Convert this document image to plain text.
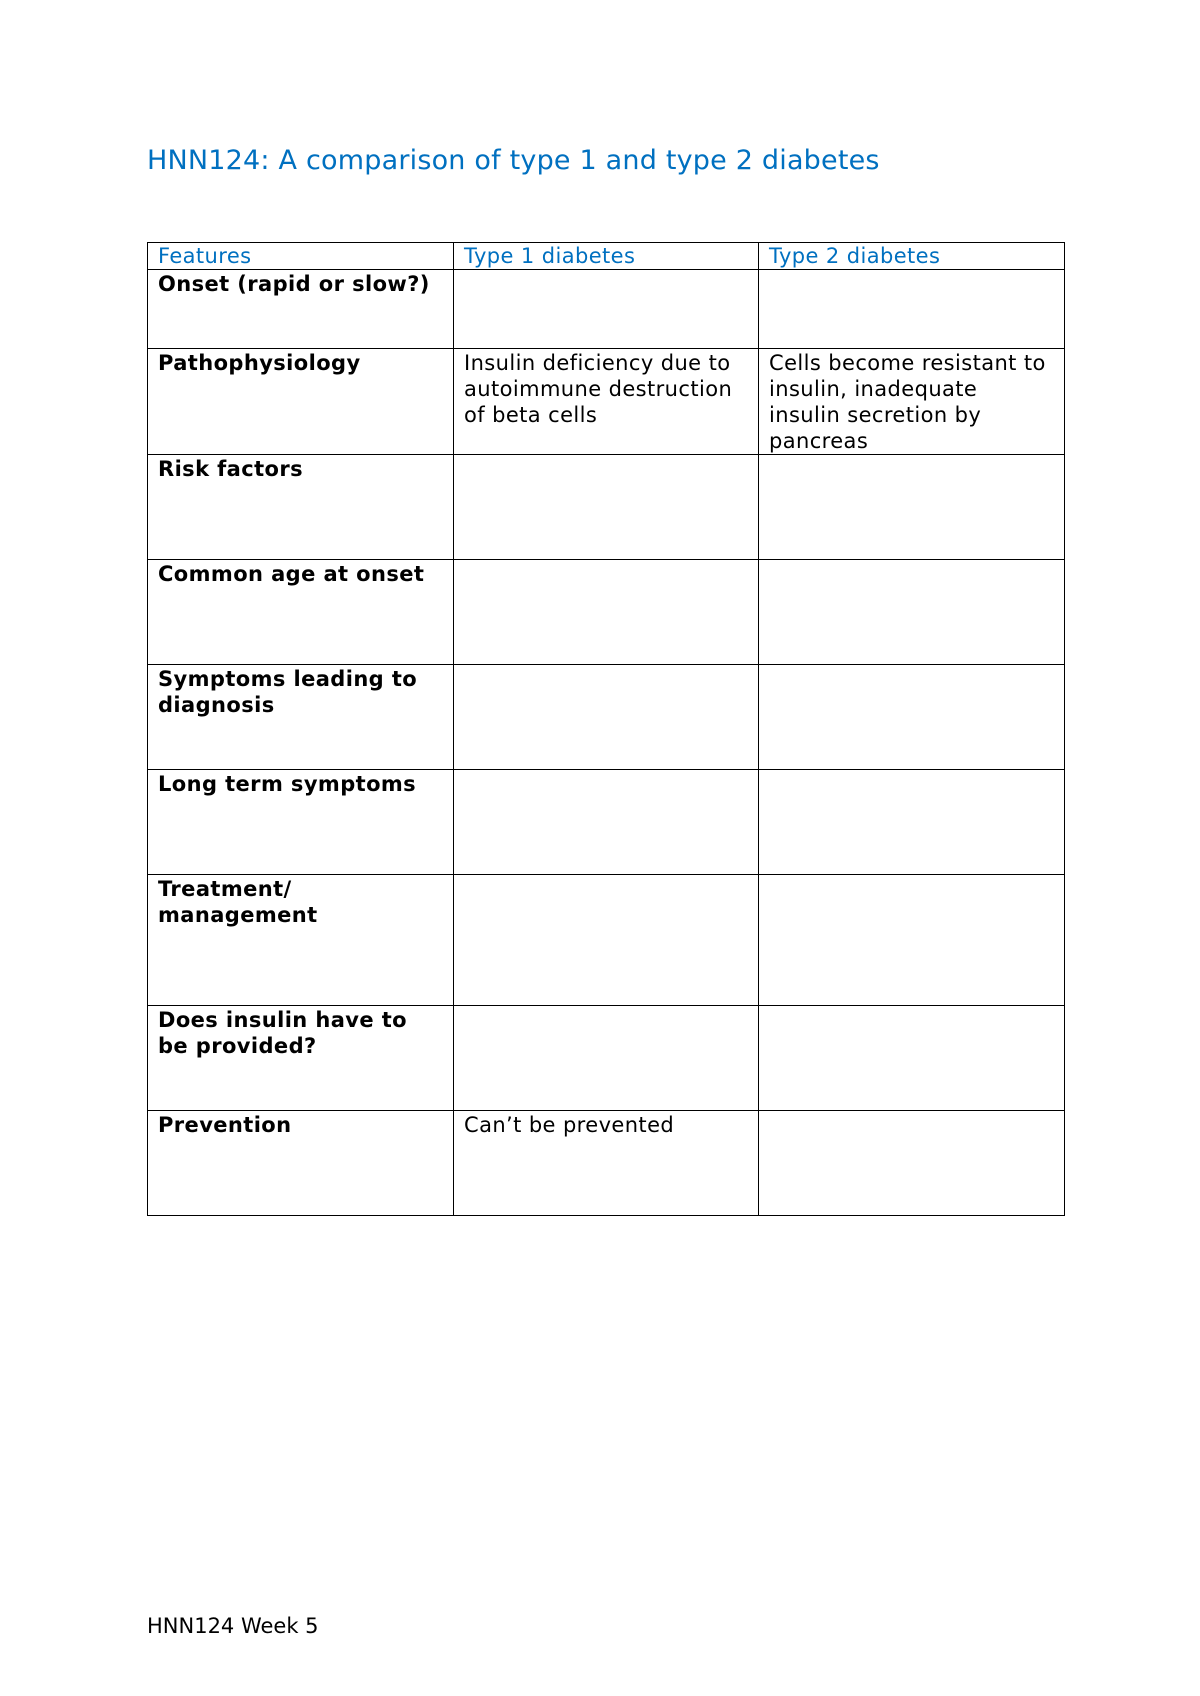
HNN124: A comparison of type 1 and type 2 diabetes
Features	Type 1 diabetes	Type 2 diabetes
Onset (rapid or slow?)		
Pathophysiology	Insulin deficiency due to autoimmune destruction of beta cells	Cells become resistant to insulin, inadequate insulin secretion by pancreas
Risk factors		
Common age at onset		
Symptoms leading to diagnosis		
Long term symptoms		
Treatment/ management		
Does insulin have to be provided?		
Prevention	Can’t be prevented	
HNN124 Week 5
